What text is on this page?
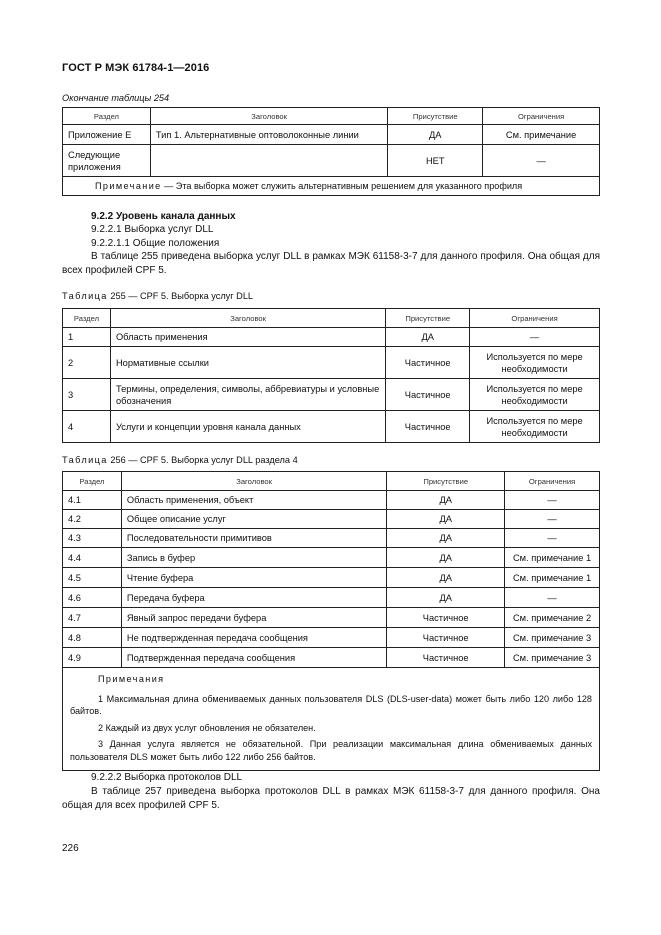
ГОСТ Р МЭК 61784-1—2016
Окончание таблицы 254
Раздел	Заголовок	Присутствие	Ограничения
Приложение Е	Тип 1. Альтернативные оптоволоконные линии	ДА	См. примечание
Следующие приложения		НЕТ	—
Примечание — Эта выборка может служить альтернативным решением для указанного профиля			
9.2.2 Уровень канала данных
9.2.2.1 Выборка услуг DLL
9.2.2.1.1 Общие положения
В таблице 255 приведена выборка услуг DLL в рамках МЭК 61158-3-7 для данного профиля. Она общая для всех профилей CPF 5.
Таблица 255 — CPF 5. Выборка услуг DLL
Раздел	Заголовок	Присутствие	Ограничения
1	Область применения	ДА	—
2	Нормативные ссылки	Частичное	Используется по мере необходимости
3	Термины, определения, символы, аббревиатуры и условные обозначения	Частичное	Используется по мере необходимости
4	Услуги и концепции уровня канала данных	Частичное	Используется по мере необходимости
Таблица 256 — CPF 5. Выборка услуг DLL раздела 4
Раздел	Заголовок	Присутствие	Ограничения
4.1	Область применения, объект	ДА	—
4.2	Общее описание услуг	ДА	—
4.3	Последовательности примитивов	ДА	—
4.4	Запись в буфер	ДА	См. примечание 1
4.5	Чтение буфера	ДА	См. примечание 1
4.6	Передача буфера	ДА	—
4.7	Явный запрос передачи буфера	Частичное	См. примечание 2
4.8	Не подтвержденная передача сообщения	Частичное	См. примечание 3
4.9	Подтвержденная передача сообщения	Частичное	См. примечание 3

Примечания
1 Максимальная длина обмениваемых данных пользователя DLS (DLS-user-data) может быть либо 120 либо 128 байтов.
2 Каждый из двух услуг обновления не обязателен.
3 Данная услуга является не обязательной. При реализации максимальная длина обмениваемых данных пользователя DLS может быть либо 122 либо 256 байтов.			
9.2.2.2 Выборка протоколов DLL
В таблице 257 приведена выборка протоколов DLL в рамках МЭК 61158-3-7 для данного профиля. Она общая для всех профилей CPF 5.
226
